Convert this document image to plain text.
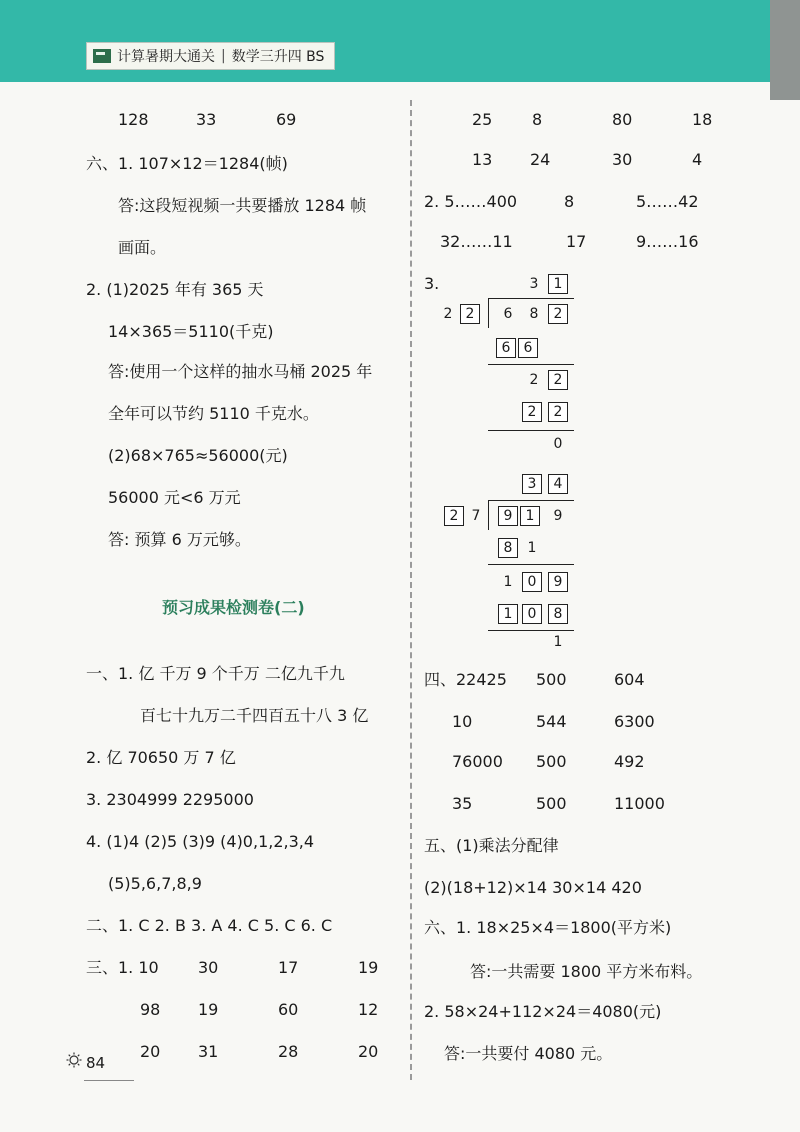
计算暑期大通关 | 数学三升四 BS
128	33	69
六、1. 107×12＝1284(帧)
答:这段短视频一共要播放 1284 帧
画面。
2. (1)2025 年有 365 天
14×365＝5110(千克)
答:使用一个这样的抽水马桶 2025 年
全年可以节约 5110 千克水。
(2)68×765≈56000(元)
56000 元<6 万元
答: 预算 6 万元够。
预习成果检测卷(二)
一、1. 亿 千万 9 个千万 二亿九千九
百七十九万二千四百五十八 3 亿
2. 亿 70650 万 7 亿
3. 2304999 2295000
4. (1)4 (2)5 (3)9 (4)0,1,2,3,4
(5)5,6,7,8,9
二、1. C 2. B 3. A 4. C 5. C 6. C
三、1. 10 30	17	19
98 19	60	12
20 31	28	20
25 8	80	18
13 24	30	4
2. 5……400	8	5……42
32……11	17	9……16
3.	3	1
2 2	6	8	2
6 6
2	2
2	2
0
3	4
2 7	9 1	9
8	1
1	0	9
1	0	8
1
四、22425 500	604
10	544	6300
76000 500	492
35	500	11000
五、(1)乘法分配律
(2)(18+12)×14 30×14 420
六、1. 18×25×4＝1800(平方米)
答:一共需要 1800 平方米布料。
2. 58×24+112×24＝4080(元)
答:一共要付 4080 元。
84
